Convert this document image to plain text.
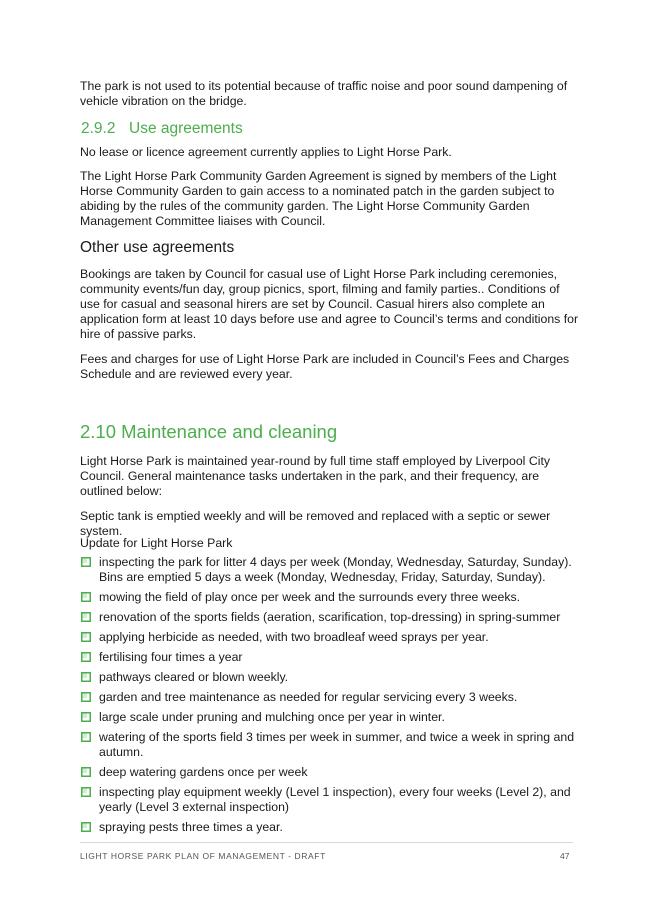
The park is not used to its potential because of traffic noise and poor sound dampening of vehicle vibration on the bridge.

2.9.2 Use agreements

No lease or licence agreement currently applies to Light Horse Park.

The Light Horse Park Community Garden Agreement is signed by members of the Light Horse Community Garden to gain access to a nominated patch in the garden subject to abiding by the rules of the community garden. The Light Horse Community Garden Management Committee liaises with Council.

Other use agreements

Bookings are taken by Council for casual use of Light Horse Park including ceremonies, community events/fun day, group picnics, sport, filming and family parties.. Conditions of use for casual and seasonal hirers are set by Council. Casual hirers also complete an application form at least 10 days before use and agree to Council’s terms and conditions for hire of passive parks.

Fees and charges for use of Light Horse Park are included in Council’s Fees and Charges Schedule and are reviewed every year.

2.10 Maintenance and cleaning

Light Horse Park is maintained year-round by full time staff employed by Liverpool City Council. General maintenance tasks undertaken in the park, and their frequency, are outlined below:

Septic tank is emptied weekly and will be removed and replaced with a septic or sewer system.

Update for Light Horse Park

inspecting the park for litter 4 days per week (Monday, Wednesday, Saturday, Sunday). Bins are emptied 5 days a week (Monday, Wednesday, Friday, Saturday, Sunday).
mowing the field of play once per week and the surrounds every three weeks.
renovation of the sports fields (aeration, scarification, top-dressing) in spring-summer
applying herbicide as needed, with two broadleaf weed sprays per year.
fertilising four times a year
pathways cleared or blown weekly.
garden and tree maintenance as needed for regular servicing every 3 weeks.
large scale under pruning and mulching once per year in winter.
watering of the sports field 3 times per week in summer, and twice a week in spring and autumn.
deep watering gardens once per week
inspecting play equipment weekly (Level 1 inspection), every four weeks (Level 2), and yearly (Level 3 external inspection)
spraying pests three times a year.
LIGHT HORSE PARK PLAN OF MANAGEMENT - DRAFT	47
